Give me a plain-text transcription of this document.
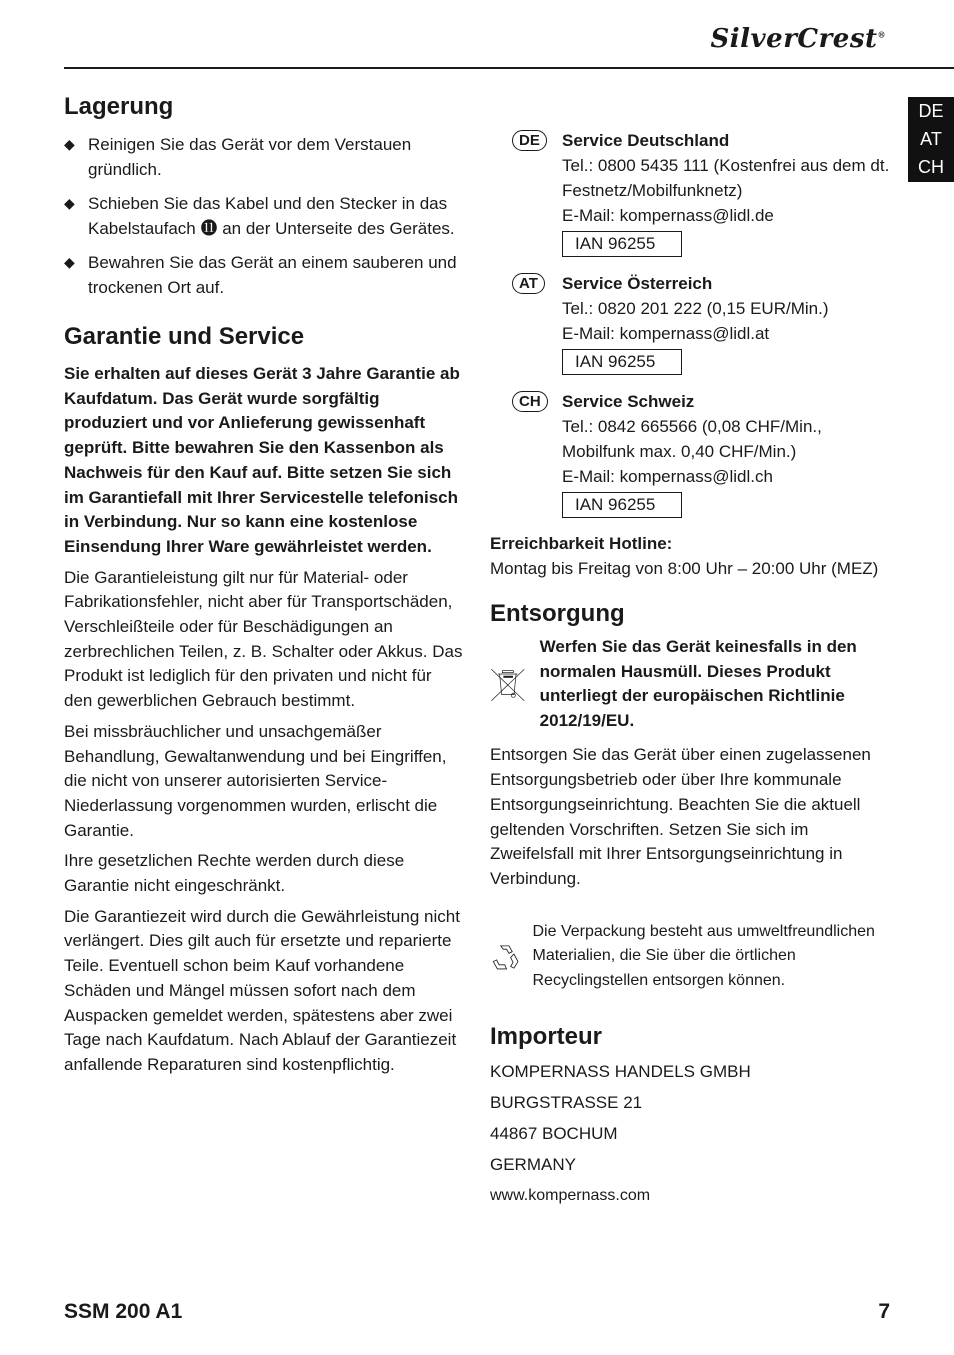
SilverCrest®
DE
AT
CH
Lagerung
◆ Reinigen Sie das Gerät vor dem Verstauen gründlich.
◆ Schieben Sie das Kabel und den Stecker in das Kabelstaufach ⓫ an der Unterseite des Gerätes.
◆ Bewahren Sie das Gerät an einem sauberen und trockenen Ort auf.
Garantie und Service

Sie erhalten auf dieses Gerät 3 Jahre Garantie ab Kaufdatum. Das Gerät wurde sorgfältig produziert und vor Anlieferung gewissenhaft geprüft. Bitte bewahren Sie den Kassenbon als Nachweis für den Kauf auf. Bitte setzen Sie sich im Garantiefall mit Ihrer Servicestelle telefonisch in Verbindung. Nur so kann eine kostenlose Einsendung Ihrer Ware gewährleistet werden.

Die Garantieleistung gilt nur für Material- oder Fabrikationsfehler, nicht aber für Transportschäden, Verschleißteile oder für Beschädigungen an zerbrechlichen Teilen, z. B. Schalter oder Akkus. Das Produkt ist lediglich für den privaten und nicht für den gewerblichen Gebrauch bestimmt.

Bei missbräuchlicher und unsachgemäßer Behandlung, Gewaltanwendung und bei Eingriffen, die nicht von unserer autorisierten Service-Niederlassung vorgenommen wurden, erlischt die Garantie.

Ihre gesetzlichen Rechte werden durch diese Garantie nicht eingeschränkt.

Die Garantiezeit wird durch die Gewährleistung nicht verlängert. Dies gilt auch für ersetzte und reparierte Teile. Eventuell schon beim Kauf vorhandene Schäden und Mängel müssen sofort nach dem Auspacken gemeldet werden, spätestens aber zwei Tage nach Kaufdatum. Nach Ablauf der Garantiezeit anfallende Reparaturen sind kostenpflichtig.

DE	Service Deutschland
Tel.: 0800 5435 111 (Kostenfrei aus dem dt. Festnetz/Mobilfunknetz)
E-Mail: kompernass@lidl.de
IAN 96255
AT	Service Österreich
Tel.: 0820 201 222 (0,15 EUR/Min.)
E-Mail: kompernass@lidl.at
IAN 96255
CH	Service Schweiz
Tel.: 0842 665566 (0,08 CHF/Min., Mobilfunk max. 0,40 CHF/Min.)
E-Mail: kompernass@lidl.ch
IAN 96255

Erreichbarkeit Hotline:

Montag bis Freitag von 8:00 Uhr – 20:00 Uhr (MEZ)

Entsorgung
Werfen Sie das Gerät keinesfalls in den normalen Hausmüll. Dieses Produkt unterliegt der europäischen Richtlinie 2012/19/EU.

Entsorgen Sie das Gerät über einen zugelassenen Entsorgungsbetrieb oder über Ihre kommunale Entsorgungseinrichtung. Beachten Sie die aktuell geltenden Vorschriften. Setzen Sie sich im Zweifelsfall mit Ihrer Entsorgungseinrichtung in Verbindung.

Die Verpackung besteht aus umweltfreundlichen Materialien, die Sie über die örtlichen Recyclingstellen entsorgen können.
Importeur

KOMPERNASS HANDELS GMBH

BURGSTRASSE 21

44867 BOCHUM

GERMANY

www.kompernass.com

SSM 200 A1	7
